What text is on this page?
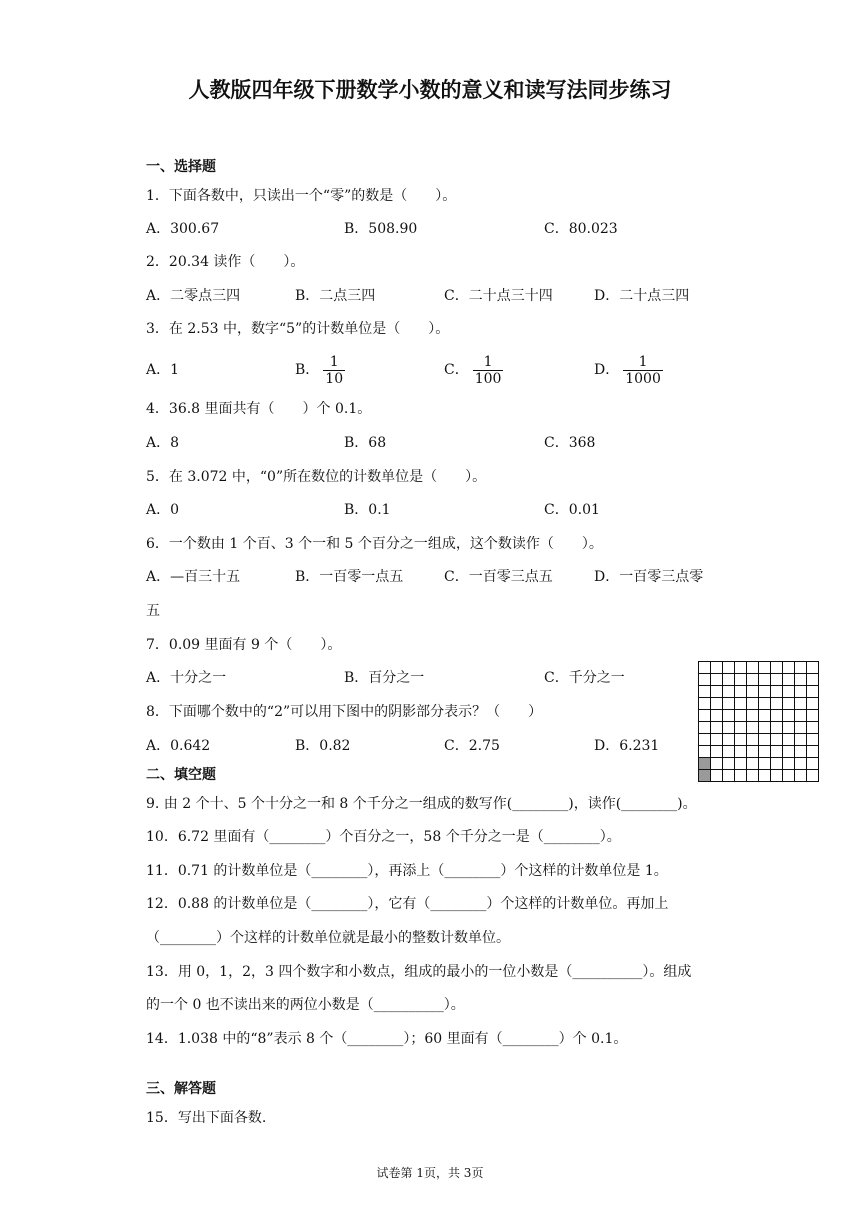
人教版四年级下册数学小数的意义和读写法同步练习
一、选择题
1．下面各数中，只读出一个“零”的数是（　　）。
A．300.67	B．508.90	C．80.023
2．20.34 读作（　　）。
A．二零点三四	B．二点三四	C．二十点三十四	D．二十点三四
3．在 2.53 中，数字“5”的计数单位是（　　）。
A．1	B． $\frac{1}{10}$	C． $\frac{1}{100}$	D． $\frac{1}{1000}$
4．36.8 里面共有（　　）个 0.1。
A．8	B．68	C．368
5．在 3.072 中，“0”所在数位的计数单位是（　　）。
A．0	B．0.1	C．0.01
6．一个数由 1 个百、3 个一和 5 个百分之一组成，这个数读作（　　）。
A．—百三十五	B．一百零一点五	C．一百零三点五	D．一百零三点零
五
7．0.09 里面有 9 个（　　）。
A．十分之一	B．百分之一	C．千分之一
8．下面哪个数中的“2”可以用下图中的阴影部分表示？（　　）
A．0.642	B．0.82	C．2.75	D．6.231
二、填空题
9. 由 2 个十、5 个十分之一和 8 个千分之一组成的数写作(________)，读作(________)。
10．6.72 里面有（________）个百分之一，58 个千分之一是（________）。
11．0.71 的计数单位是（________），再添上（________）个这样的计数单位是 1。
12．0.88 的计数单位是（________），它有（________）个这样的计数单位。再加上
（________）个这样的计数单位就是最小的整数计数单位。
13．用 0，1，2，3 四个数字和小数点，组成的最小的一位小数是（__________）。组成
的一个 0 也不读出来的两位小数是（__________）。
14．1.038 中的“8”表示 8 个（________）；60 里面有（________）个 0.1。
三、解答题
15．写出下面各数.
试卷第 1页，共 3页
